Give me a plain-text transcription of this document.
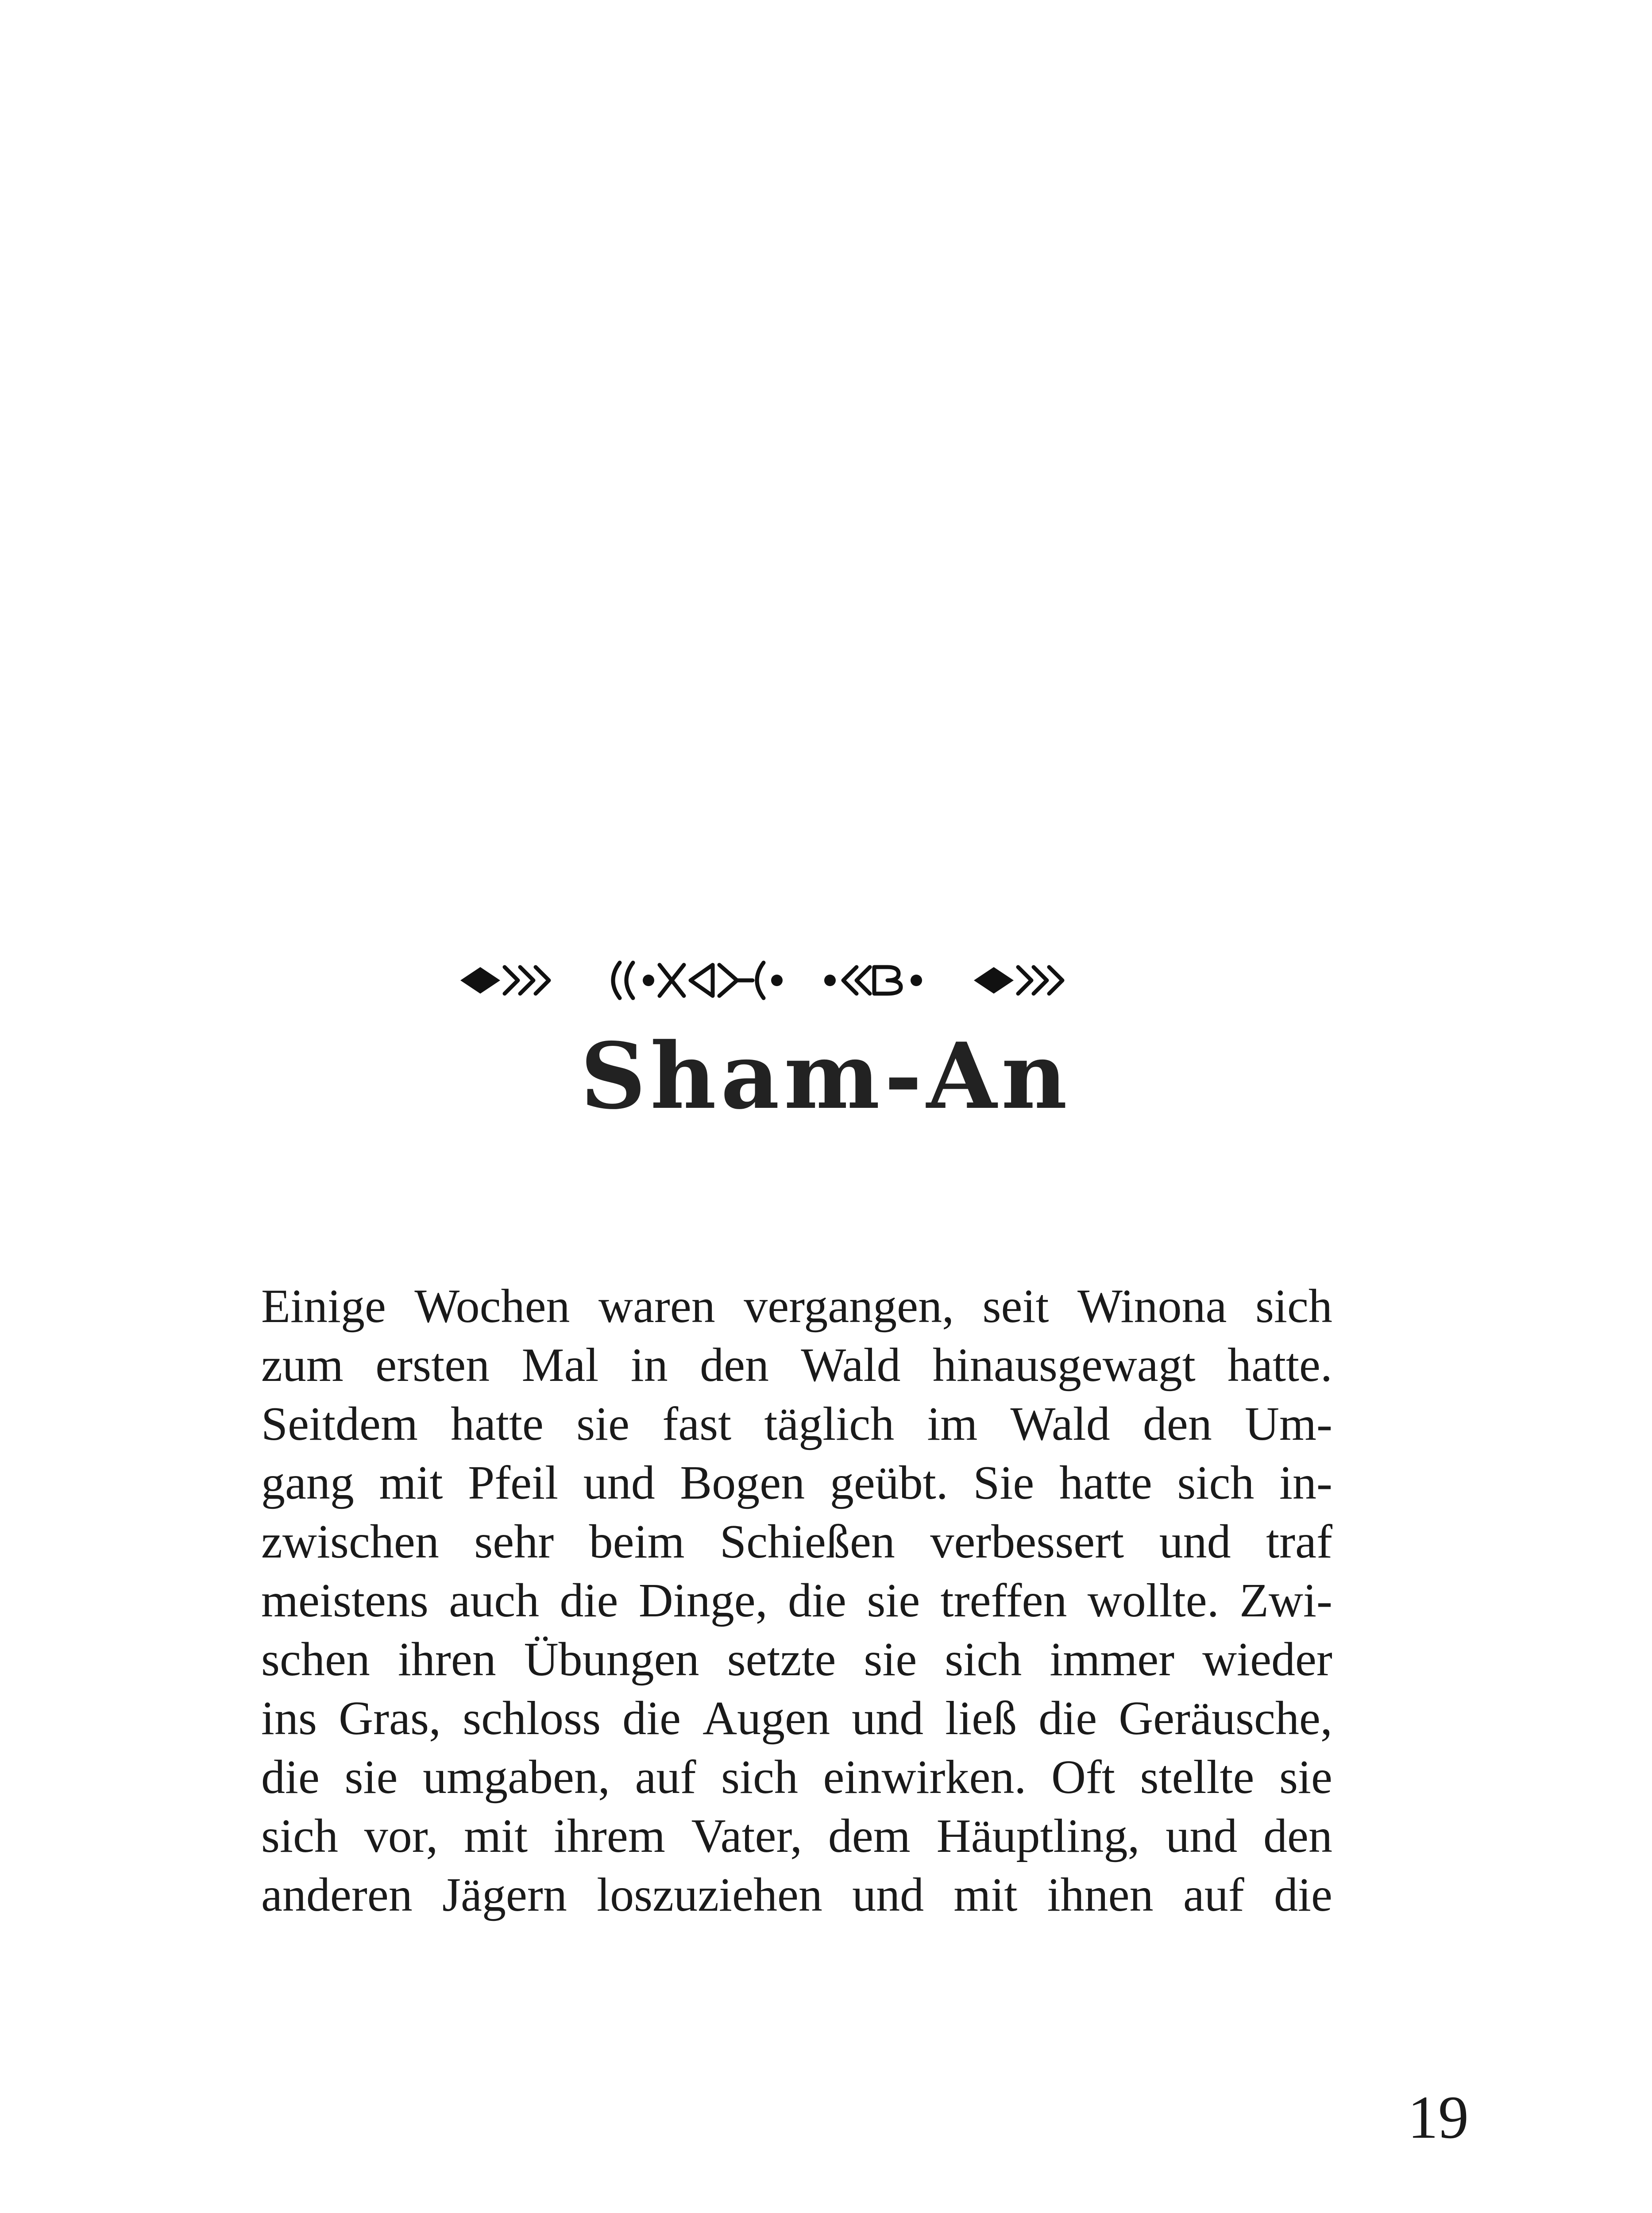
Sham-An
Einige Wochen waren vergangen, seit Winona sich
zum ersten Mal in den Wald hinausgewagt hatte.
Seitdem hatte sie fast täglich im Wald den Um-
gang mit Pfeil und Bogen geübt. Sie hatte sich in-
zwischen sehr beim Schießen verbessert und traf
meistens auch die Dinge, die sie treffen wollte. Zwi-
schen ihren Übungen setzte sie sich immer wieder
ins Gras, schloss die Augen und ließ die Geräusche,
die sie umgaben, auf sich einwirken. Oft stellte sie
sich vor, mit ihrem Vater, dem Häuptling, und den
anderen Jägern loszuziehen und mit ihnen auf die
19
